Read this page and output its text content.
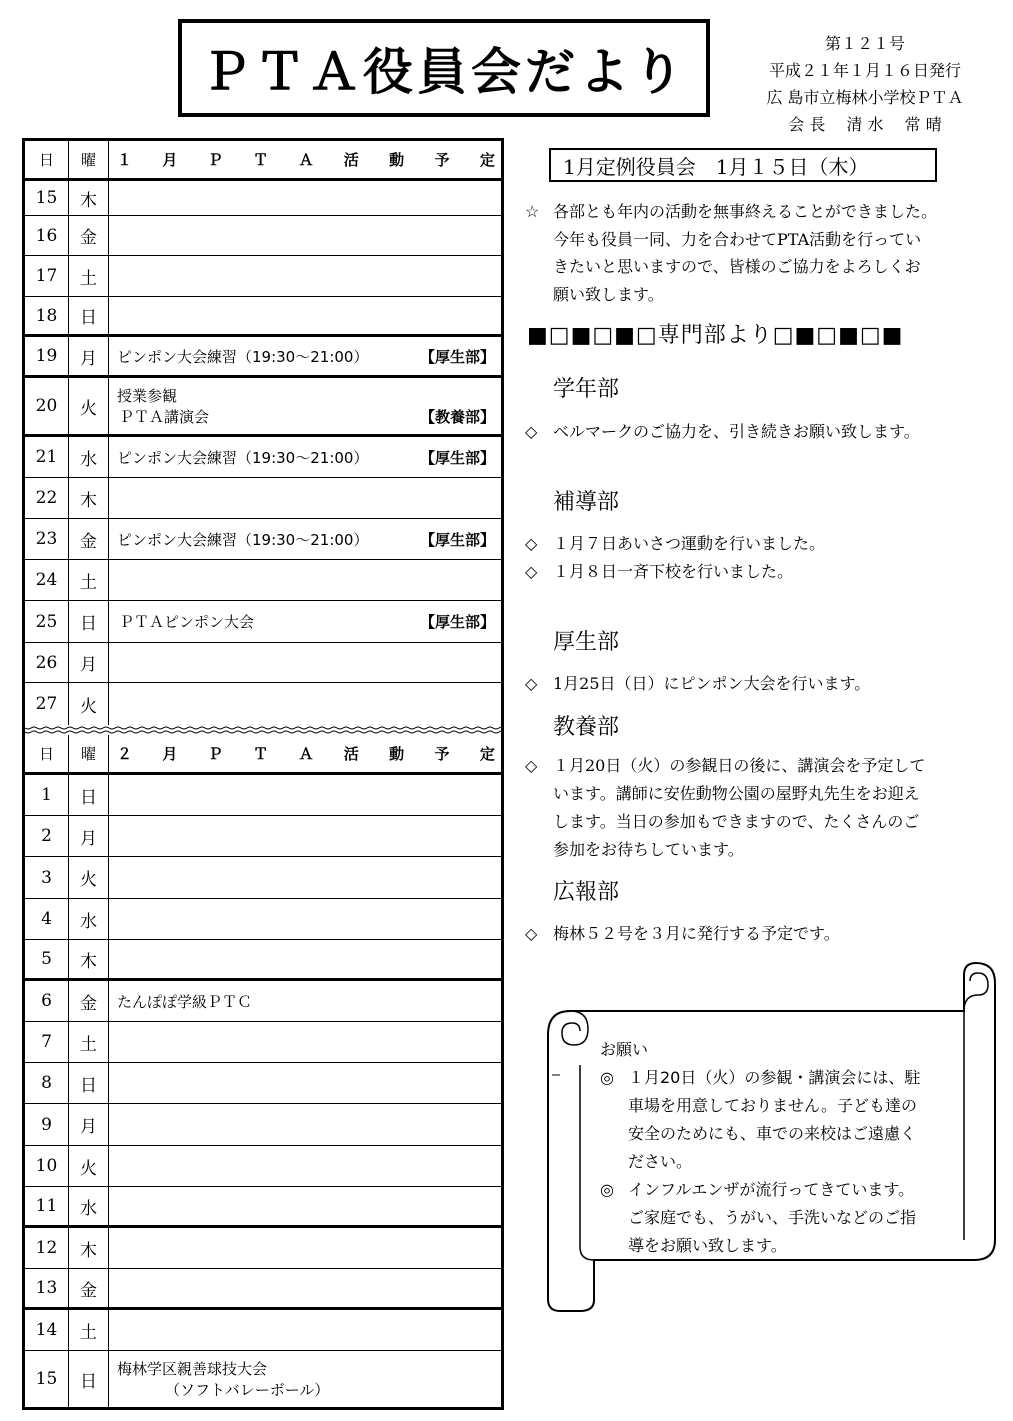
ＰＴＡ役員会だより	第１２１号
平成２１年１月１６日発行
広 島市立梅林小学校ＰＴＡ
会 長　 清 水　 常 晴
日	曜	１ 月 Ｐ Ｔ Ａ 活 動 予 定
15	木
16	金
17	土
18	日
19	月	ピンポン大会練習（19:30～21:00）	【厚生部】
20	火
授業参観
ＰＴＡ講演会	【教養部】
21	水	ピンポン大会練習（19:30～21:00）	【厚生部】
22	木
23	金	ピンポン大会練習（19:30～21:00）	【厚生部】
24	土
25	日	ＰＴＡピンポン大会	【厚生部】
26	月
27	火
日	曜	２ 月 Ｐ Ｔ Ａ 活 動 予 定
1	日
2	月
3	火
4	水
5	木
6	金	たんぽぽ学級ＰＴＣ
7	土
8	日
9	月
10	火
11	水
12	木
13	金
14	土
15	日
梅林学区親善球技大会
（ソフトバレーボール）
1月定例役員会　1月１５日（木）
☆ 各部とも年内の活動を無事終えることができました。
今年も役員一同、力を合わせてPTA活動を行ってい
きたいと思いますので、皆様のご協力をよろしくお
願い致します。
■□■□■□専門部より□■□■□■
学年部
◇ ベルマークのご協力を、引き続きお願い致します。
補導部
◇ １月７日あいさつ運動を行いました。
◇ １月８日一斉下校を行いました。
厚生部
◇ 1月25日（日）にピンポン大会を行います。
教養部
◇ １月20日（火）の参観日の後に、講演会を予定して
います。講師に安佐動物公園の屋野丸先生をお迎え
します。当日の参加もできますので、たくさんのご
参加をお待ちしています。
広報部
◇ 梅林５２号を３月に発行する予定です。
お願い
◎ １月20日（火）の参観・講演会には、駐
車場を用意しておりません。子ども達の
安全のためにも、車での来校はご遠慮く
ださい。
◎ インフルエンザが流行ってきています。
ご家庭でも、うがい、手洗いなどのご指
導をお願い致します。
